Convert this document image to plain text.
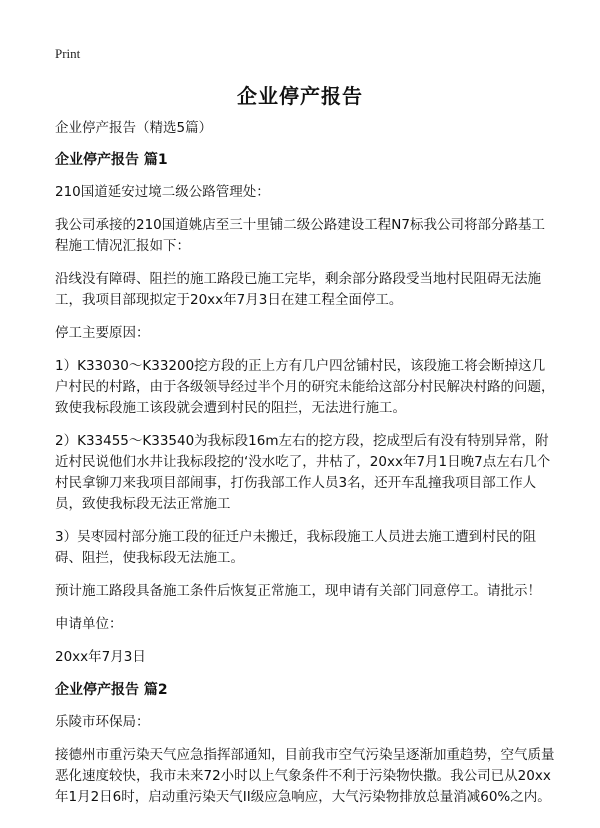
Print
企业停产报告

企业停产报告（精选5篇）

企业停产报告 篇1

210国道延安过境二级公路管理处：

我公司承接的210国道姚店至三十里铺二级公路建设工程N7标我公司将部分路基工程施工情况汇报如下：

沿线没有障碍、阻拦的施工路段已施工完毕，剩余部分路段受当地村民阻碍无法施工，我项目部现拟定于20xx年7月3日在建工程全面停工。

停工主要原因：

1）K33030～K33200挖方段的正上方有几户四岔铺村民，该段施工将会断掉这几户村民的村路，由于各级领导经过半个月的研究未能给这部分村民解决村路的问题，致使我标段施工该段就会遭到村民的阻拦，无法进行施工。

2）K33455～K33540为我标段16m左右的挖方段，挖成型后有没有特别异常，附近村民说他们水井让我标段挖的‘没水吃了，井枯了，20xx年7月1日晚7点左右几个村民拿铆刀来我项目部闹事，打伤我部工作人员3名，还开车乱撞我项目部工作人员，致使我标段无法正常施工

3）吴枣园村部分施工段的征迁户未搬迁，我标段施工人员进去施工遭到村民的阻碍、阻拦，使我标段无法施工。

预计施工路段具备施工条件后恢复正常施工，现申请有关部门同意停工。请批示！

申请单位：

20xx年7月3日

企业停产报告 篇2

乐陵市环保局：

接德州市重污染天气应急指挥部通知，目前我市空气污染呈逐渐加重趋势，空气质量恶化速度较快，我市未来72小时以上气象条件不利于污染物快撒。我公司已从20xx年1月2日6时，启动重污染天气II级应急响应，大气污染物排放总量消减60%之内。
